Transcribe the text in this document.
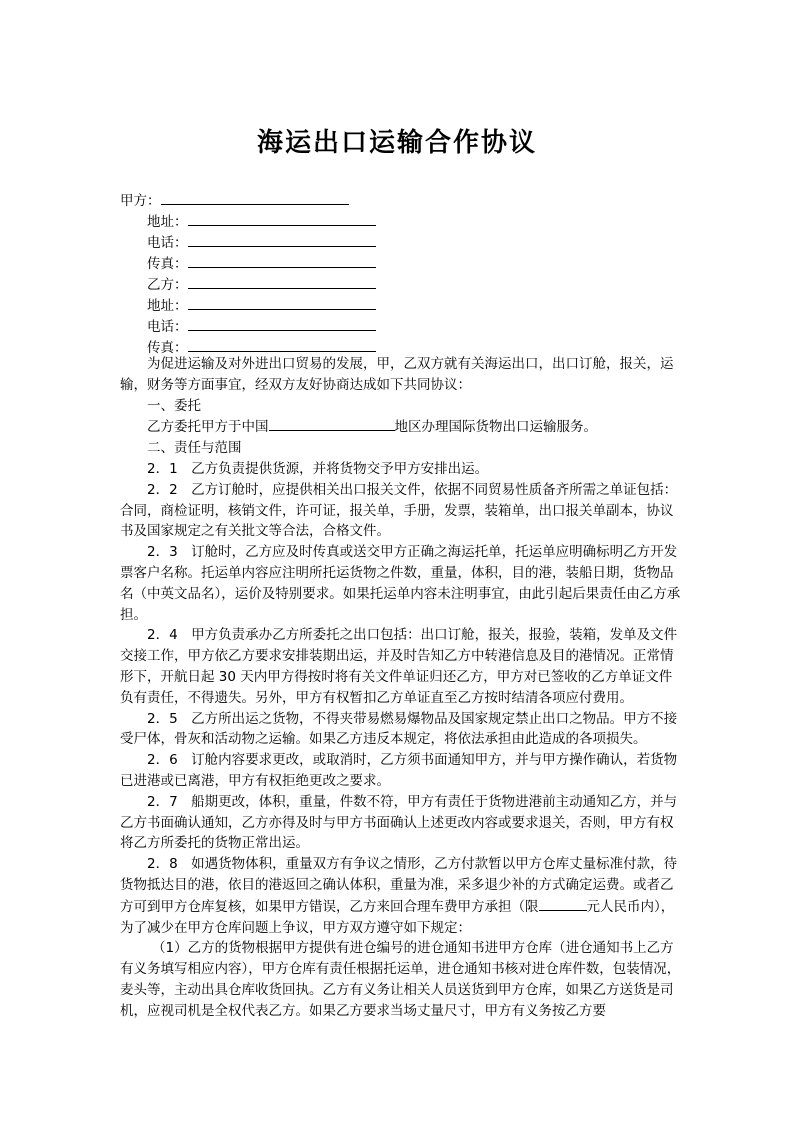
海运出口运输合作协议
甲方：
地址：
电话：
传真：
乙方：
地址：
电话：
传真：

为促进运输及对外进出口贸易的发展，甲，乙双方就有关海运出口，出口订舱，报关，运输，财务等方面事宜，经双方友好协商达成如下共同协议：

一、委托

乙方委托甲方于中国	地区办理国际货物出口运输服务。

二、责任与范围

2．1　乙方负责提供货源，并将货物交予甲方安排出运。

2．2　乙方订舱时，应提供相关出口报关文件，依据不同贸易性质备齐所需之单证包括：合同，商检证明，核销文件，许可证，报关单，手册，发票，装箱单，出口报关单副本，协议书及国家规定之有关批文等合法，合格文件。

2．3　订舱时，乙方应及时传真或送交甲方正确之海运托单，托运单应明确标明乙方开发票客户名称。托运单内容应注明所托运货物之件数，重量，体积，目的港，装船日期，货物品名（中英文品名），运价及特别要求。如果托运单内容未注明事宜，由此引起后果责任由乙方承担。

2．4　甲方负责承办乙方所委托之出口包括：出口订舱，报关，报验，装箱，发单及文件交接工作，甲方依乙方要求安排装期出运，并及时告知乙方中转港信息及目的港情况。正常情形下，开航日起 30 天内甲方得按时将有关文件单证归还乙方，甲方对已签收的乙方单证文件负有责任，不得遗失。另外，甲方有权暂扣乙方单证直至乙方按时结清各项应付费用。

2．5　乙方所出运之货物，不得夹带易燃易爆物品及国家规定禁止出口之物品。甲方不接受尸体，骨灰和活动物之运输。如果乙方违反本规定，将依法承担由此造成的各项损失。

2．6　订舱内容要求更改，或取消时，乙方须书面通知甲方，并与甲方操作确认，若货物已进港或已离港，甲方有权拒绝更改之要求。

2．7　船期更改，体积，重量，件数不符，甲方有责任于货物进港前主动通知乙方，并与乙方书面确认通知，乙方亦得及时与甲方书面确认上述更改内容或要求退关，否则，甲方有权将乙方所委托的货物正常出运。

2．8　如遇货物体积，重量双方有争议之情形，乙方付款暂以甲方仓库丈量标准付款，待货物抵达目的港，依目的港返回之确认体积，重量为准，采多退少补的方式确定运费。或者乙方可到甲方仓库复核，如果甲方错误，乙方来回合理车费甲方承担（限	元人民币内），为了减少在甲方仓库问题上争议，甲方双方遵守如下规定：

（1）乙方的货物根据甲方提供有进仓编号的进仓通知书进甲方仓库（进仓通知书上乙方有义务填写相应内容），甲方仓库有责任根据托运单，进仓通知书核对进仓库件数，包装情况，麦头等，主动出具仓库收货回执。乙方有义务让相关人员送货到甲方仓库，如果乙方送货是司机，应视司机是全权代表乙方。如果乙方要求当场丈量尺寸，甲方有义务按乙方要
